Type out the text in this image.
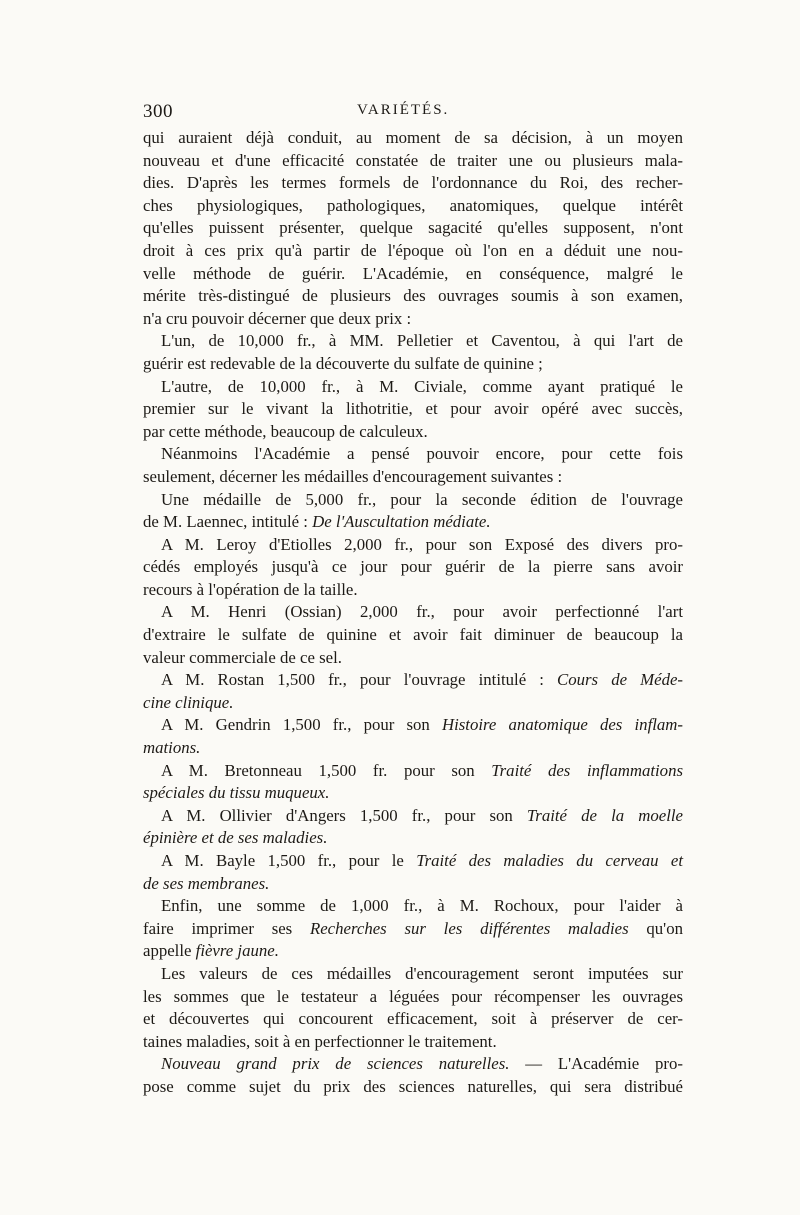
300	VARIÉTÉS.
qui auraient déjà conduit, au moment de sa décision, à un moyen
nouveau et d'une efficacité constatée de traiter une ou plusieurs mala-
dies. D'après les termes formels de l'ordonnance du Roi, des recher-
ches physiologiques, pathologiques, anatomiques, quelque intérêt
qu'elles puissent présenter, quelque sagacité qu'elles supposent, n'ont
droit à ces prix qu'à partir de l'époque où l'on en a déduit une nou-
velle méthode de guérir. L'Académie, en conséquence, malgré le
mérite très-distingué de plusieurs des ouvrages soumis à son examen,
n'a cru pouvoir décerner que deux prix :
L'un, de 10,000 fr., à MM. Pelletier et Caventou, à qui l'art de
guérir est redevable de la découverte du sulfate de quinine ;
L'autre, de 10,000 fr., à M. Civiale, comme ayant pratiqué le
premier sur le vivant la lithotritie, et pour avoir opéré avec succès,
par cette méthode, beaucoup de calculeux.
Néanmoins l'Académie a pensé pouvoir encore, pour cette fois
seulement, décerner les médailles d'encouragement suivantes :
Une médaille de 5,000 fr., pour la seconde édition de l'ouvrage
de M. Laennec, intitulé : De l'Auscultation médiate.
A M. Leroy d'Etiolles 2,000 fr., pour son Exposé des divers pro-
cédés employés jusqu'à ce jour pour guérir de la pierre sans avoir
recours à l'opération de la taille.
A M. Henri (Ossian) 2,000 fr., pour avoir perfectionné l'art
d'extraire le sulfate de quinine et avoir fait diminuer de beaucoup la
valeur commerciale de ce sel.
A M. Rostan 1,500 fr., pour l'ouvrage intitulé : Cours de Méde-
cine clinique.
A M. Gendrin 1,500 fr., pour son Histoire anatomique des inflam-
mations.
A M. Bretonneau 1,500 fr. pour son Traité des inflammations
spéciales du tissu muqueux.
A M. Ollivier d'Angers 1,500 fr., pour son Traité de la moelle
épinière et de ses maladies.
A M. Bayle 1,500 fr., pour le Traité des maladies du cerveau et
de ses membranes.
Enfin, une somme de 1,000 fr., à M. Rochoux, pour l'aider à
faire imprimer ses Recherches sur les différentes maladies qu'on
appelle fièvre jaune.
Les valeurs de ces médailles d'encouragement seront imputées sur
les sommes que le testateur a léguées pour récompenser les ouvrages
et découvertes qui concourent efficacement, soit à préserver de cer-
taines maladies, soit à en perfectionner le traitement.
Nouveau grand prix de sciences naturelles. — L'Académie pro-
pose comme sujet du prix des sciences naturelles, qui sera distribué
